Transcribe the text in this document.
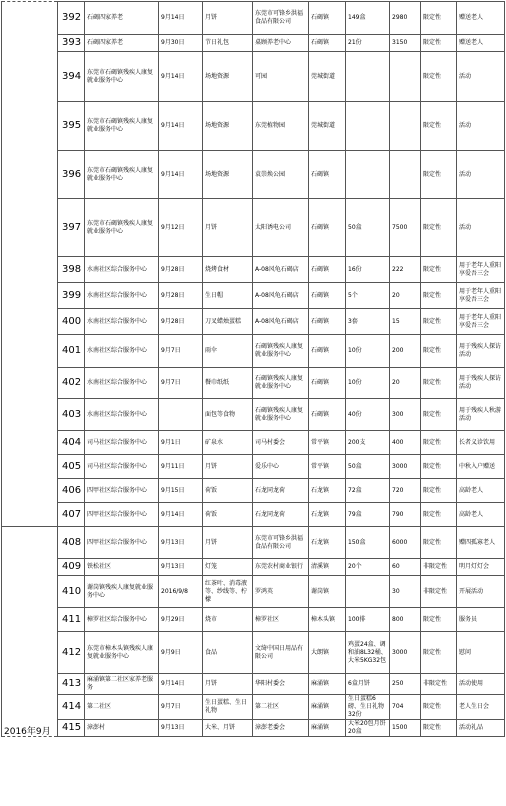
	392	石碣四家养老	9月14日	月饼	东莞市可锋乡洪福食品有限公司	石碣镇	149盒	2980	限定性	赠送老人
	393	石碣四家养老	9月30日	节日礼包	桌顾养老中心	石碣镇	21份	3150	限定性	赠送老人
	394	东莞市石碣镇残疾人康复就业服务中心	9月14日	场地资源	可园	莞城街道			限定性	活动
	395	东莞市石碣镇残疾人康复就业服务中心	9月14日	场地资源	东莞植物园	莞城街道			限定性	活动
	396	东莞市石碣镇残疾人康复就业服务中心	9月14日	场地资源	袁崇焕公园	石碣镇			限定性	活动
	397	东莞市石碣镇残疾人康复就业服务中心	9月12日	月饼	太阳诱电公司	石碣镇	50盒	7500	限定性	活动
	398	水南社区综合服务中心	9月28日	烧烤食材	A-08风龟石碣店	石碣镇	16份	222	限定性	用于老年人重阳享爱吾三会
	399	水南社区综合服务中心	9月28日	生日帽	A-08风龟石碣店	石碣镇	5个	20	限定性	用于老年人重阳享爱吾三会
	400	水南社区综合服务中心	9月28日	刀叉蜡烛蛋糕	A-08风龟石碣店	石碣镇	3套	15	限定性	用于老年人重阳享爱吾三会
	401	水南社区综合服务中心	9月7日	雨伞	石碣镇残疾人康复就业服务中心	石碣镇	10份	200	限定性	用于残疾人探访活动
	402	水南社区综合服务中心	9月7日	餐巾纸纸	石碣镇残疾人康复就业服务中心	石碣镇	10份	20	限定性	用于残疾人探访活动
	403	水南社区综合服务中心		面包等食物	石碣镇残疾人康复就业服务中心	石碣镇	40份	300	限定性	用于残疾人秋游活动
	404	司马社区综合服务中心	9月1日	矿泉水	司马村委会	常平镇	200支	400	限定性	长者义诊饮用
	405	司马社区综合服务中心	9月11日	月饼	爱乐中心	常平镇	50盒	3000	限定性	中秋入户赠送
	406	四甲社区综合服务中心	9月15日	荷饭	石龙同龙荷	石龙镇	72盒	720	限定性	高龄老人
	407	四甲社区综合服务中心	9月14日	荷饭	石龙同龙荷	石龙镇	79盒	790	限定性	高龄老人
2016年9月	408	四甲社区综合服务中心	9月13日	月饼	东莞市可锋乡洪福食品有限公司	石龙镇	150盒	6000	限定性	赠四孤寡老人
	409	铁松社区	9月13日	灯笼	东莞农村商业银行	清溪镇	20个	60	非限定性	明月灯灯会
	410	谢岗镇残疾人康复就业服务中心	2016/9/8	红茶叶、消毒液等、纱线等、柠檬	罗鸿英	谢岗镇		30	非限定性	开展活动
	411	樟罗社区综合服务中心	9月29日	烧市	樟罗社区	樟木头镇	100排	800	限定性	服务员
	412	东莞市樟木头镇残疾人康复就业服务中心	9月9日	食品	文绮中国日用品有限公司	大朗镇	鸡蛋24盒、调和油8L32桶、大米5KG32包	3000	限定性	慰问
	413	麻涌镇第二社区家养老服务	9月14日	月饼	华阳村委会	麻涌镇	6盒月饼	250	非限定性	活动使用
	414	第二社区	9月7日	生日蛋糕、生日礼物	第二社区	麻涌镇	生日蛋糕6磅、生日礼物32份	704	限定性	老人生日会
	415	漳澎村	9月13日	大米、月饼	漳澎老委会	麻涌镇	大米20包月饼20盒	1500	限定性	活动礼品
